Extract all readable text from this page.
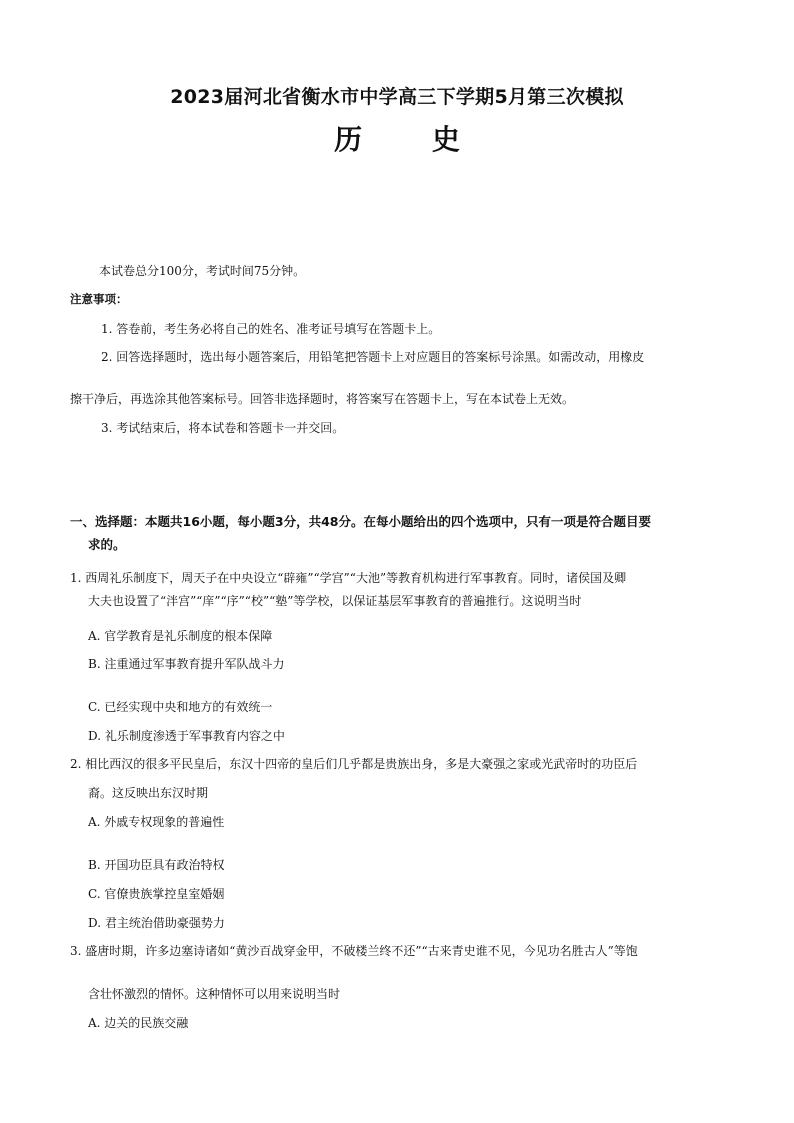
2023届河北省衡水市中学高三下学期5月第三次模拟
历 史
本试卷总分100分，考试时间75分钟。
注意事项：
1. 答卷前，考生务必将自己的姓名、准考证号填写在答题卡上。
2. 回答选择题时，选出每小题答案后，用铅笔把答题卡上对应题目的答案标号涂黑。如需改动，用橡皮
擦干净后，再选涂其他答案标号。回答非选择题时，将答案写在答题卡上，写在本试卷上无效。
3. 考试结束后，将本试卷和答题卡一并交回。
一、选择题：本题共16小题，每小题3分，共48分。在每小题给出的四个选项中，只有一项是符合题目要
求的。
1. 西周礼乐制度下，周天子在中央设立“辟雍”“学宫”“大池”等教育机构进行军事教育。同时，诸侯国及卿
大夫也设置了“泮宫”“庠”“序”“校”“塾”等学校，以保证基层军事教育的普遍推行。这说明当时
A. 官学教育是礼乐制度的根本保障
B. 注重通过军事教育提升军队战斗力
C. 已经实现中央和地方的有效统一
D. 礼乐制度渗透于军事教育内容之中
2. 相比西汉的很多平民皇后，东汉十四帝的皇后们几乎都是贵族出身，多是大豪强之家或光武帝时的功臣后
裔。这反映出东汉时期
A. 外戚专权现象的普遍性
B. 开国功臣具有政治特权
C. 官僚贵族掌控皇室婚姻
D. 君主统治借助豪强势力
3. 盛唐时期，许多边塞诗诸如“黄沙百战穿金甲，不破楼兰终不还”“古来青史谁不见，今见功名胜古人”等饱
含壮怀激烈的情怀。这种情怀可以用来说明当时
A. 边关的民族交融
